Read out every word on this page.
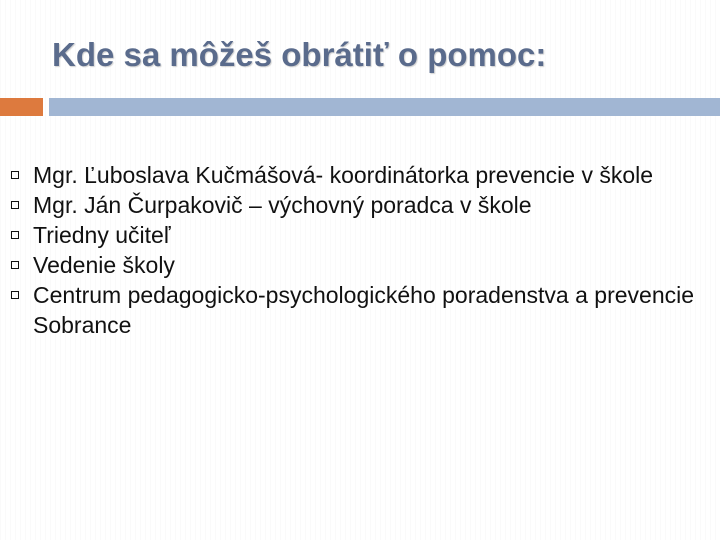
Kde sa môžeš obrátiť o pomoc:
Mgr. Ľuboslava Kučmášová- koordinátorka prevencie v škole
Mgr. Ján Čurpakovič – výchovný poradca v škole
Triedny učiteľ
Vedenie školy
Centrum pedagogicko-psychologického poradenstva a prevencie Sobrance
